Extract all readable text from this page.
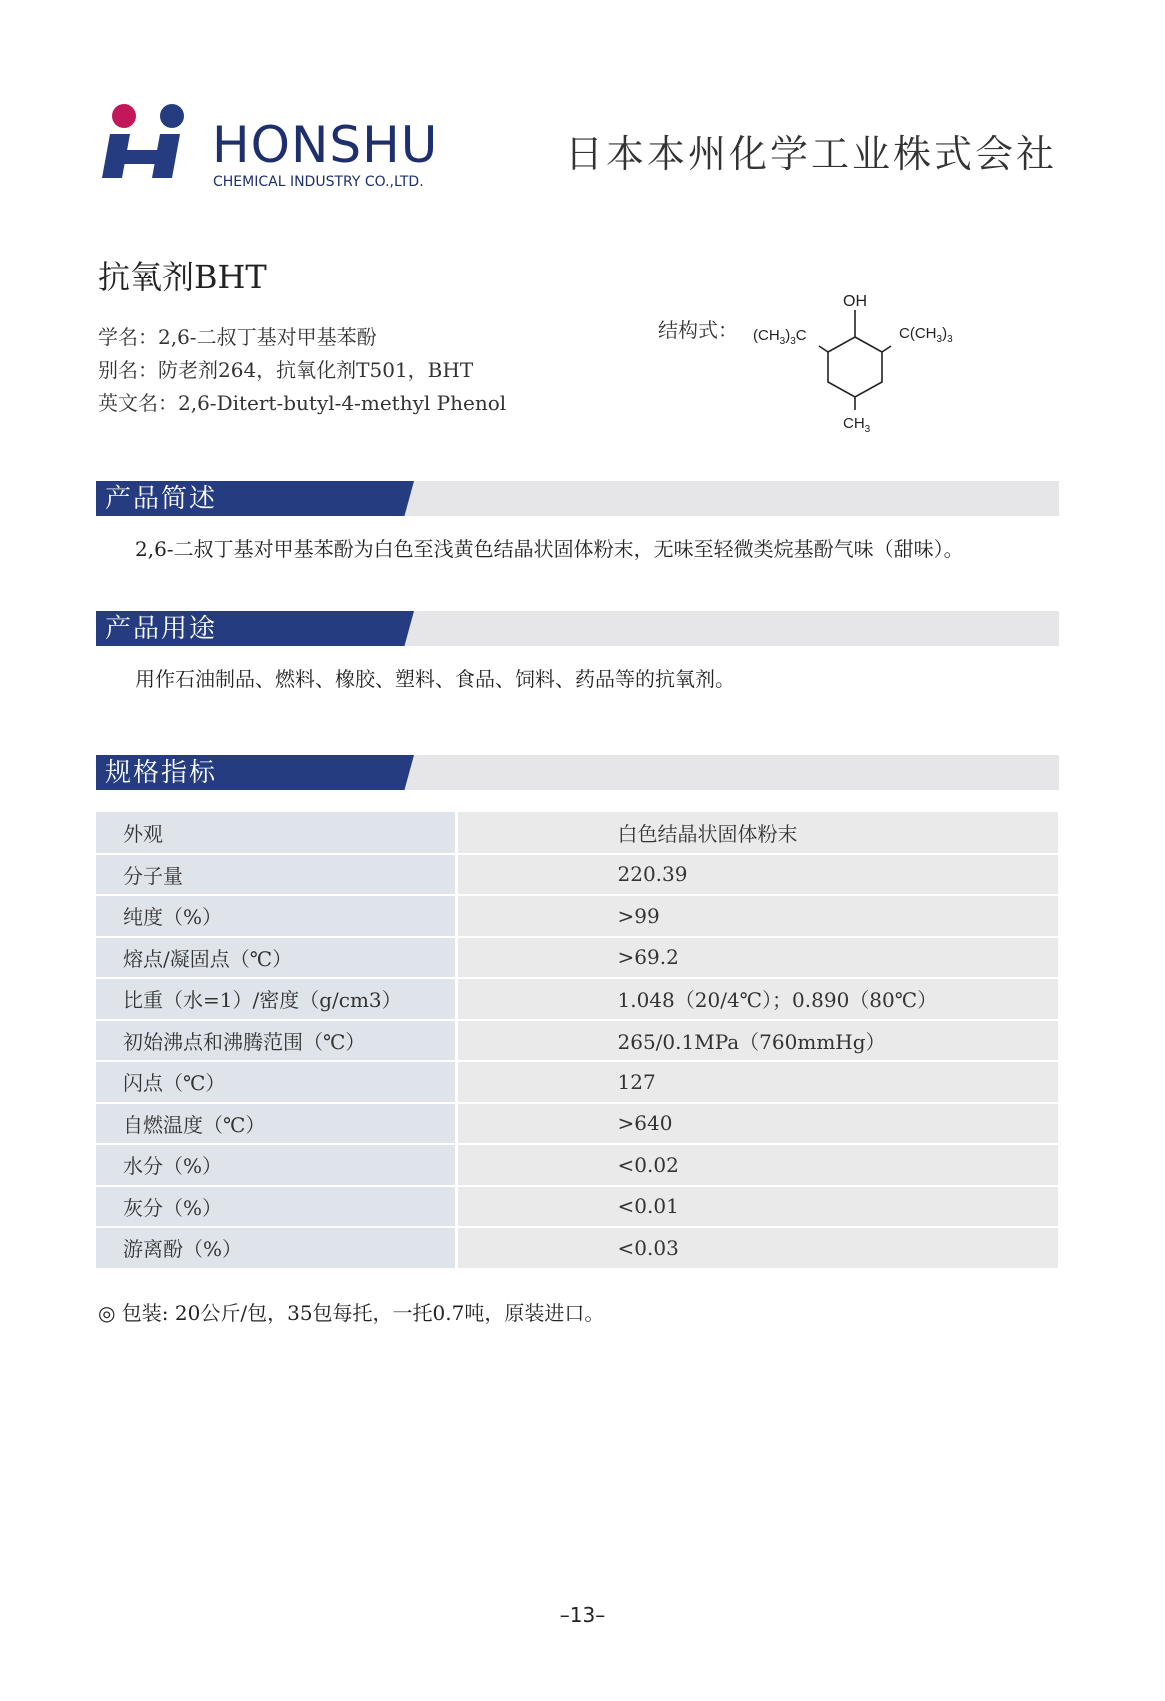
HONSHU
CHEMICAL INDUSTRY CO.,LTD.
日本本州化学工业株式会社
抗氧剂BHT
学名：2,6-二叔丁基对甲基苯酚
别名：防老剂264，抗氧化剂T501，BHT
英文名：2,6-Ditert-butyl-4-methyl Phenol
结构式：
OH
$(CH_3)_3C$	$C(CH_3)_3$
$CH_3$
产品简述
2,6-二叔丁基对甲基苯酚为白色至浅黄色结晶状固体粉末，无味至轻微类烷基酚气味（甜味）。
产品用途
用作石油制品、燃料、橡胶、塑料、食品、饲料、药品等的抗氧剂。
规格指标
外观	白色结晶状固体粉末
分子量	220.39
纯度（%）	>99
熔点/凝固点（℃）	>69.2
比重（水=1）/密度（g/cm3）	1.048（20/4℃）；0.890（80℃）
初始沸点和沸腾范围（℃）	265/0.1MPa（760mmHg）
闪点（℃）	127
自燃温度（℃）	>640
水分（%）	<0.02
灰分（%）	<0.01
游离酚（%）	<0.03
◎ 包装: 20公斤/包，35包每托，一托0.7吨，原装进口。
–13–
